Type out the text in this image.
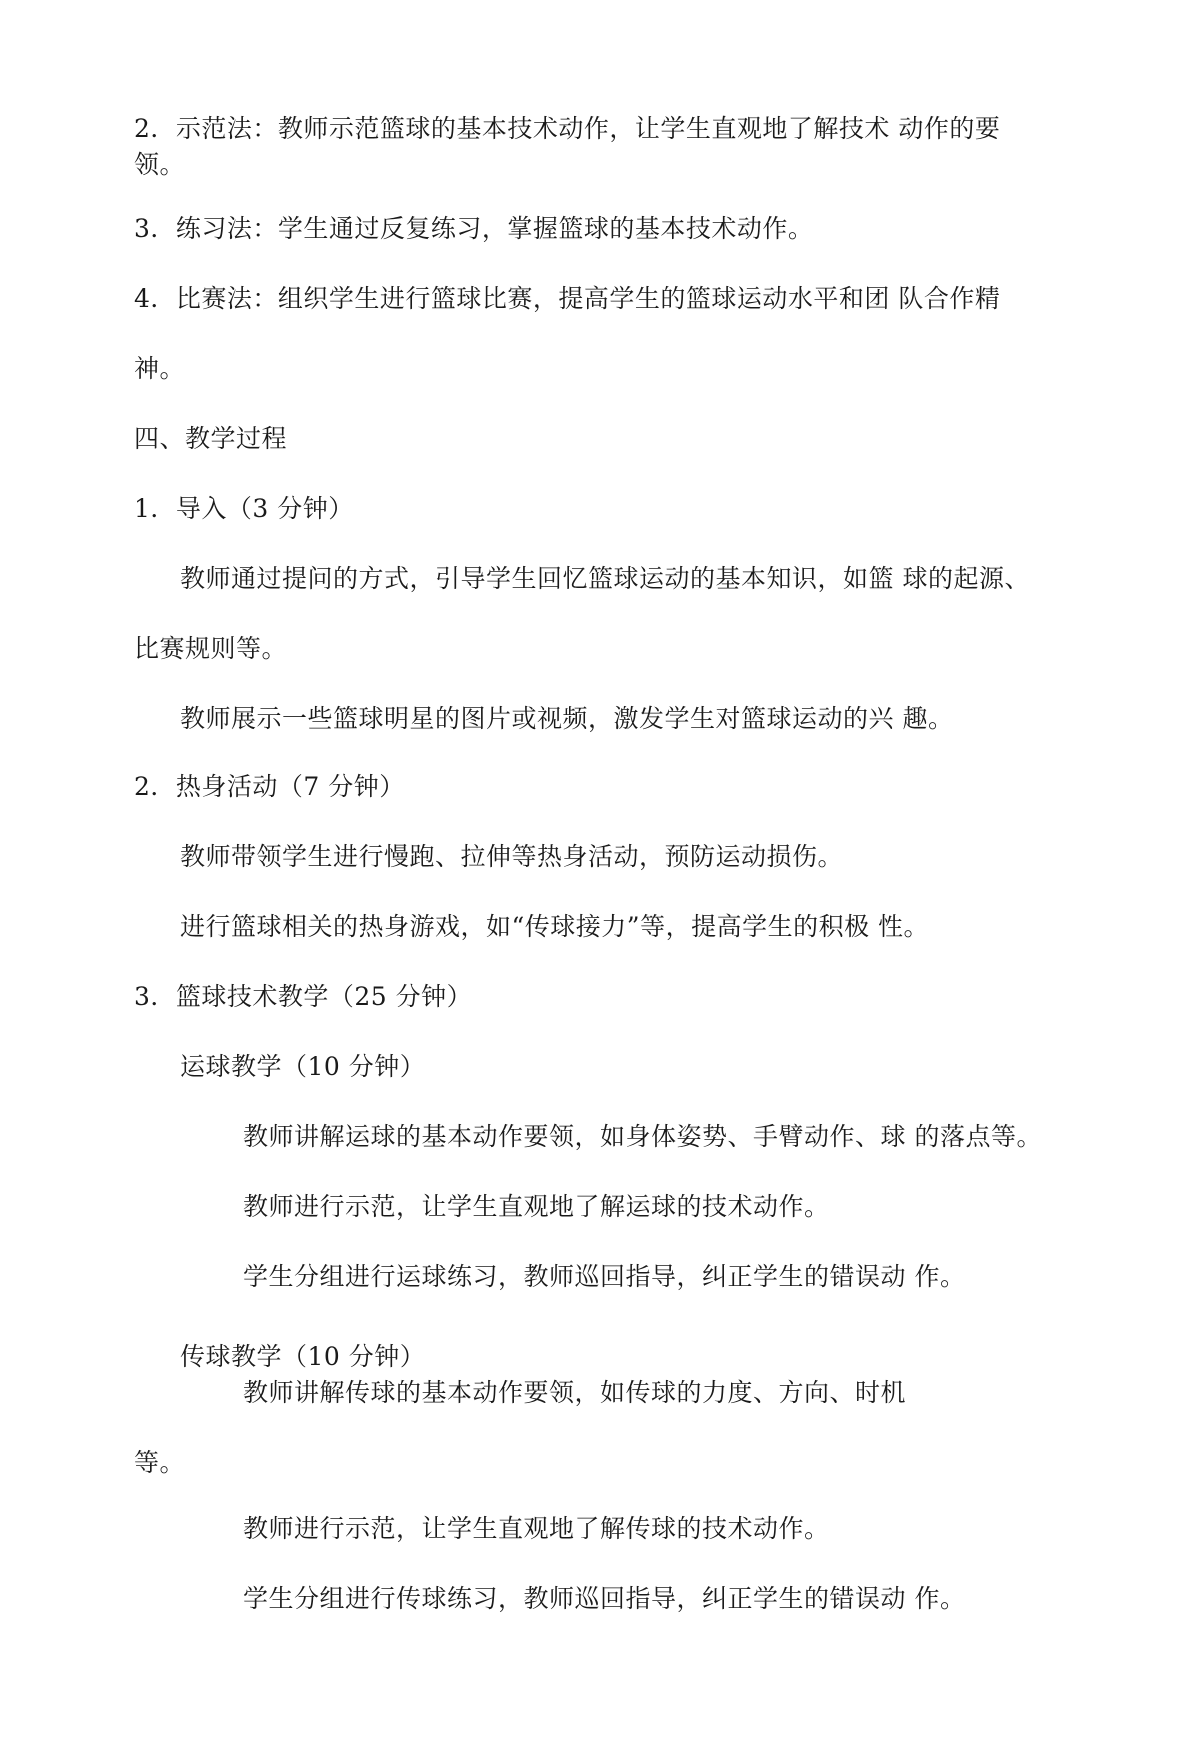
2．示范法：教师示范篮球的基本技术动作，让学生直观地了解技术 动作的要
领。
3．练习法：学生通过反复练习，掌握篮球的基本技术动作。
4．比赛法：组织学生进行篮球比赛，提高学生的篮球运动水平和团 队合作精
神。
四、教学过程
1．导入（3 分钟）
教师通过提问的方式，引导学生回忆篮球运动的基本知识，如篮 球的起源、
比赛规则等。
教师展示一些篮球明星的图片或视频，激发学生对篮球运动的兴 趣。
2．热身活动（7 分钟）
教师带领学生进行慢跑、拉伸等热身活动，预防运动损伤。
进行篮球相关的热身游戏，如“传球接力”等，提高学生的积极 性。
3．篮球技术教学（25 分钟）
运球教学（10 分钟）
教师讲解运球的基本动作要领，如身体姿势、手臂动作、球 的落点等。
教师进行示范，让学生直观地了解运球的技术动作。
学生分组进行运球练习，教师巡回指导，纠正学生的错误动 作。
传球教学（10 分钟）
教师讲解传球的基本动作要领，如传球的力度、方向、时机
等。
教师进行示范，让学生直观地了解传球的技术动作。
学生分组进行传球练习，教师巡回指导，纠正学生的错误动 作。
